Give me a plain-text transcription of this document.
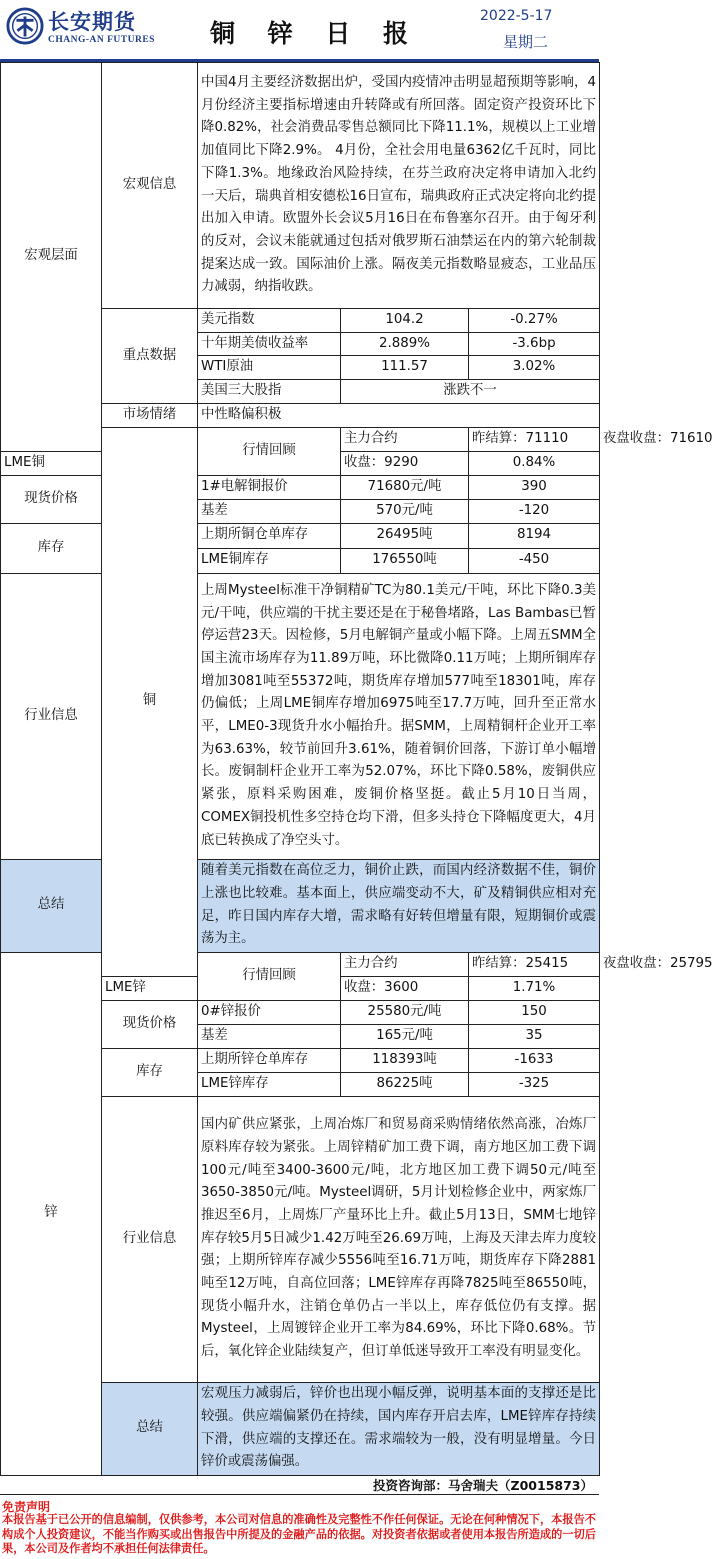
长安期货
CHANG-AN FUTURES	铜 锌 日 报
2022-5-17
星期二
宏观层面	宏观信息	中国4月主要经济数据出炉，受国内疫情冲击明显超预期等影响，4月份经济主要指标增速由升转降或有所回落。固定资产投资环比下降0.82%，社会消费品零售总额同比下降11.1%，规模以上工业增加值同比下降2.9%。 4月份，全社会用电量6362亿千瓦时，同比下降1.3%。地缘政治风险持续，在芬兰政府决定将申请加入北约一天后，瑞典首相安德松16日宣布，瑞典政府正式决定将向北约提出加入申请。欧盟外长会议5月16日在布鲁塞尔召开。由于匈牙利的反对，会议未能就通过包括对俄罗斯石油禁运在内的第六轮制裁提案达成一致。国际油价上涨。隔夜美元指数略显疲态，工业品压力减弱，纳指收跌。			
	重点数据	美元指数	104.2	-0.27%	
		十年期美债收益率	2.889%	-3.6bp	
		WTI原油	111.57	3.02%	
		美国三大股指	涨跌不一		
	市场情绪	中性略偏积极			
	铜	行情回顾	主力合约	昨结算：71110	夜盘收盘：71610
LME铜			收盘：9290	0.84%	
现货价格		1#电解铜报价	71680元/吨	390	
		基差	570元/吨	-120	
库存		上期所铜仓单库存	26495吨	8194	
		LME铜库存	176550吨	-450	
行业信息		上周Mysteel标准干净铜精矿TC为80.1美元/干吨，环比下降0.3美元/干吨，供应端的干扰主要还是在于秘鲁堵路，Las Bambas已暂停运营23天。因检修，5月电解铜产量或小幅下降。上周五SMM全国主流市场库存为11.89万吨，环比微降0.11万吨；上期所铜库存增加3081吨至55372吨，期货库存增加577吨至18301吨，库存仍偏低；上周LME铜库存增加6975吨至17.7万吨，回升至正常水平，LME0-3现货升水小幅抬升。据SMM，上周精铜杆企业开工率为63.63%，较节前回升3.61%，随着铜价回落，下游订单小幅增长。废铜制杆企业开工率为52.07%，环比下降0.58%，废铜供应紧张，原料采购困难，废铜价格坚挺。截止5月10日当周，COMEX铜投机性多空持仓均下滑，但多头持仓下降幅度更大，4月底已转换成了净空头寸。			
总结		随着美元指数在高位乏力，铜价止跌，而国内经济数据不佳，铜价上涨也比较难。基本面上，供应端变动不大，矿及精铜供应相对充足，昨日国内库存大增，需求略有好转但增量有限，短期铜价或震荡为主。			
锌		行情回顾	主力合约	昨结算：25415	夜盘收盘：25795
	LME锌		收盘：3600	1.71%	
	现货价格	0#锌报价	25580元/吨	150	
		基差	165元/吨	35	
	库存	上期所锌仓单库存	118393吨	-1633	
		LME锌库存	86225吨	-325	
	行业信息	国内矿供应紧张，上周冶炼厂和贸易商采购情绪依然高涨，冶炼厂原料库存较为紧张。上周锌精矿加工费下调，南方地区加工费下调100元/吨至3400-3600元/吨，北方地区加工费下调50元/吨至3650-3850元/吨。Mysteel调研，5月计划检修企业中，两家炼厂推迟至6月，上周炼厂产量环比上升。截止5月13日，SMM七地锌库存较5月5日减少1.42万吨至26.69万吨，上海及天津去库力度较强；上期所锌库存减少5556吨至16.71万吨，期货库存下降2881吨至12万吨，自高位回落；LME锌库存再降7825吨至86550吨，现货小幅升水，注销仓单仍占一半以上，库存低位仍有支撑。据Mysteel，上周镀锌企业开工率为84.69%，环比下降0.68%。节后，氧化锌企业陆续复产，但订单低迷导致开工率没有明显变化。			
	总结	宏观压力减弱后，锌价也出现小幅反弹，说明基本面的支撑还是比较强。供应端偏紧仍在持续，国内库存开启去库，LME锌库存持续下滑，供应端的支撑还在。需求端较为一般，没有明显增量。今日锌价或震荡偏强。			
投资咨询部：马舍瑞夫（Z0015873）
免责声明
本报告基于已公开的信息编制，仅供参考，本公司对信息的准确性及完整性不作任何保证。无论在何种情况下，本报告不构成个人投资建议，不能当作购买或出售报告中所提及的金融产品的依据。对投资者依据或者使用本报告所造成的一切后果，本公司及作者均不承担任何法律责任。
